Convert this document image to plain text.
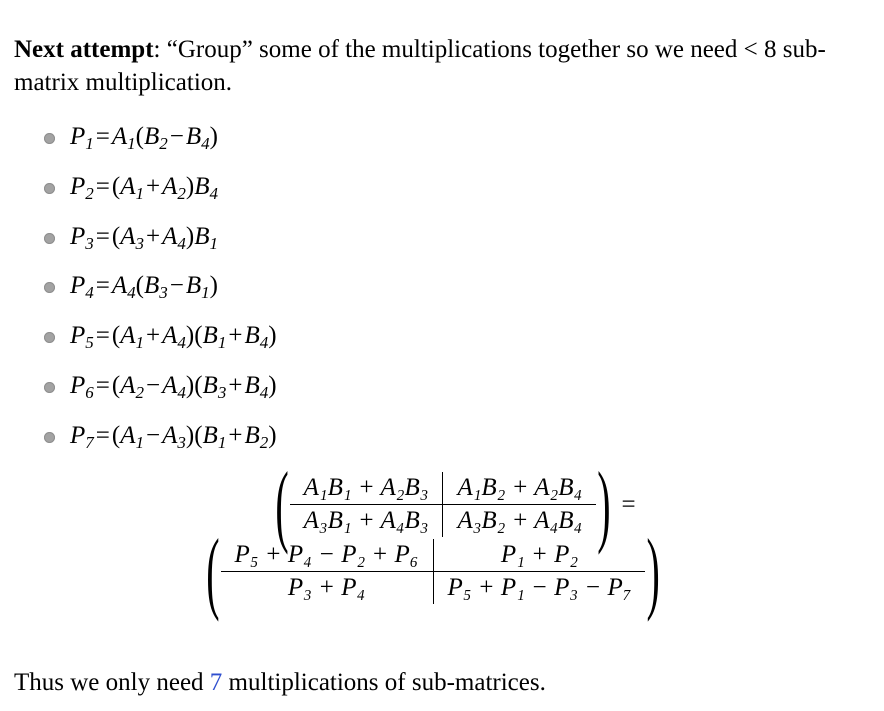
Next attempt: “Group” some of the multiplications together so we need < 8 sub-matrix multiplication.

$P_1=A_1(B_2-B_4)$
$P_2=(A_1+A_2)B_4$
$P_3=(A_3+A_4)B_1$
$P_4=A_4(B_3-B_1)$
$P_5=(A_1+A_4)(B_1+B_4)$
$P_6=(A_2-A_4)(B_3+B_4)$
$P_7=(A_1-A_3)(B_1+B_2)$
( A₁B₁ + A₂B₃	A₁B₂ + A₂B₄
A₃B₁ + A₄B₃	A₃B₂ + A₄B₄ ) =
( P₅ + P₄ − P₂ + P₆	P₁ + P₂
P₃ + P₄	P₅ + P₁ − P₃ − P₇ )

Thus we only need 7 multiplications of sub-matrices.
